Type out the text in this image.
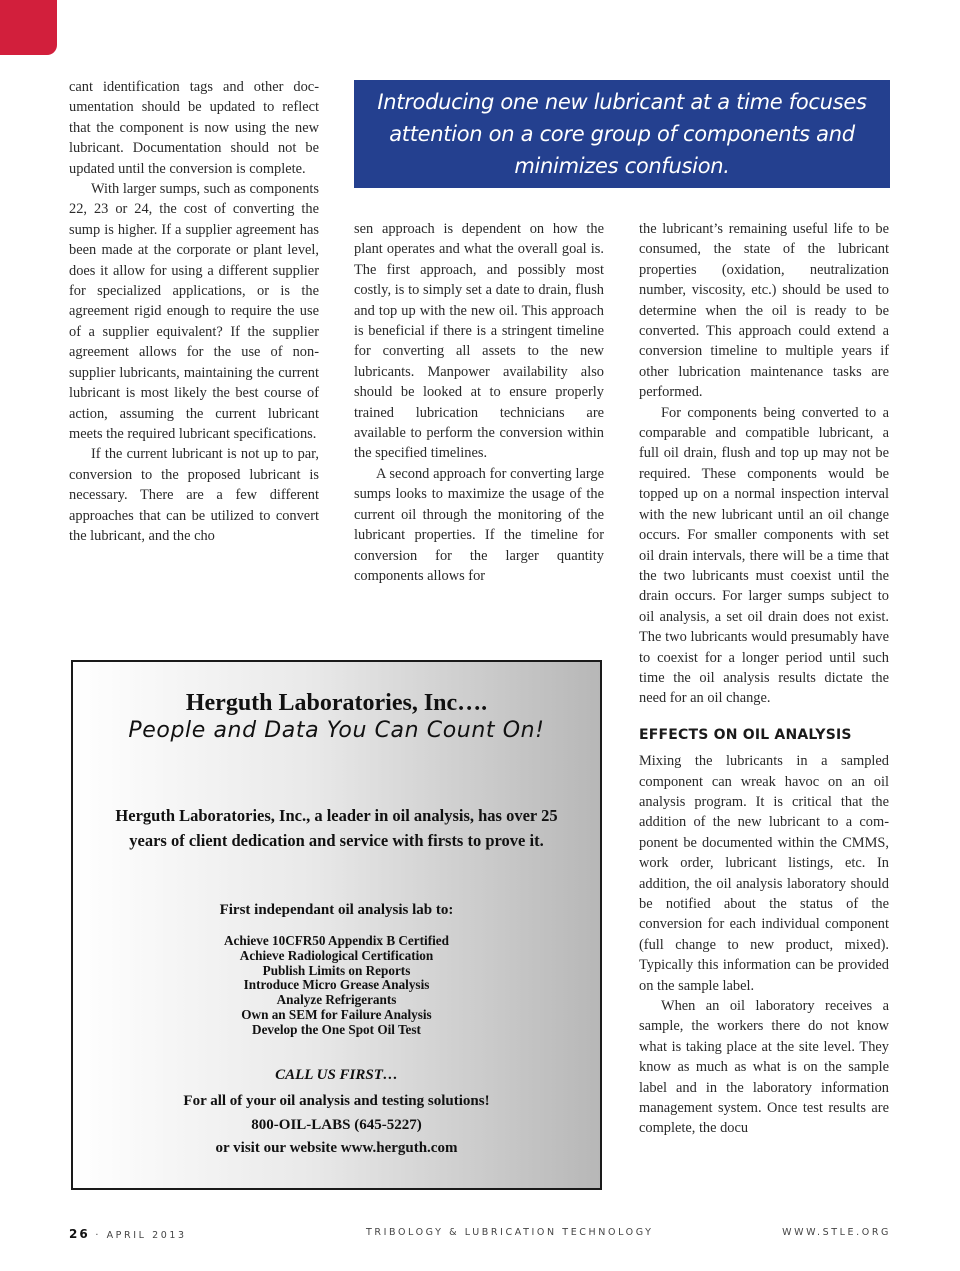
cant identification tags and other documentation should be updated to reflect that the component is now using the new lubricant. Documentation should not be updated until the conversion is complete.

With larger sumps, such as components 22, 23 or 24, the cost of converting the sump is higher. If a supplier agreement has been made at the corporate or plant level, does it allow for using a different supplier for specialized applications, or is the agreement rigid enough to require the use of a supplier equivalent? If the supplier agreement allows for the use of non-supplier lubricants, maintaining the current lubricant is most likely the best course of action, assuming the current lubricant meets the required lubricant specifications.

If the current lubricant is not up to par, conversion to the proposed lubricant is necessary. There are a few different approaches that can be utilized to convert the lubricant, and the cho

Introducing one new lubricant at a time focuses attention on a core group of components and minimizes confusion.

sen approach is dependent on how the plant operates and what the overall goal is. The first approach, and possibly most costly, is to simply set a date to drain, flush and top up with the new oil. This approach is beneficial if there is a stringent timeline for converting all assets to the new lubricants. Manpower availability also should be looked at to ensure properly trained lubrication technicians are available to perform the conversion within the specified timelines.

A second approach for converting large sumps looks to maximize the usage of the current oil through the monitoring of the lubricant properties. If the timeline for conversion for the larger quantity components allows for

the lubricant’s remaining useful life to be consumed, the state of the lubricant properties (oxidation, neutralization number, viscosity, etc.) should be used to determine when the oil is ready to be converted. This approach could extend a conversion timeline to multiple years if other lubrication maintenance tasks are performed.

For components being converted to a comparable and compatible lubricant, a full oil drain, flush and top up may not be required. These components would be topped up on a normal inspection interval with the new lubricant until an oil change occurs. For smaller components with set oil drain intervals, there will be a time that the two lubricants must coexist until the drain occurs. For larger sumps subject to oil analysis, a set oil drain does not exist. The two lubricants would presumably have to coexist for a longer period until such time the oil analysis results dictate the need for an oil change.

EFFECTS ON OIL ANALYSIS

Mixing the lubricants in a sampled component can wreak havoc on an oil analysis program. It is critical that the addition of the new lubricant to a component be documented within the CMMS, work order, lubricant listings, etc. In addition, the oil analysis laboratory should be notified about the status of the conversion for each individual component (full change to new product, mixed). Typically this information can be provided on the sample label.

When an oil laboratory receives a sample, the workers there do not know what is taking place at the site level. They know as much as what is on the sample label and in the laboratory information management system. Once test results are complete, the docu

Herguth Laboratories, Inc….
People and Data You Can Count On!
Herguth Laboratories, Inc., a leader in oil analysis, has over 25 years of client dedication and service with firsts to prove it.
First independant oil analysis lab to:
Achieve 10CFR50 Appendix B Certified
Achieve Radiological Certification
Publish Limits on Reports
Introduce Micro Grease Analysis
Analyze Refrigerants
Own an SEM for Failure Analysis
Develop the One Spot Oil Test
CALL US FIRST…
For all of your oil analysis and testing solutions!
800-OIL-LABS (645-5227)
or visit our website www.herguth.com
26 · APRIL 2013	TRIBOLOGY & LUBRICATION TECHNOLOGY	WWW.STLE.ORG
